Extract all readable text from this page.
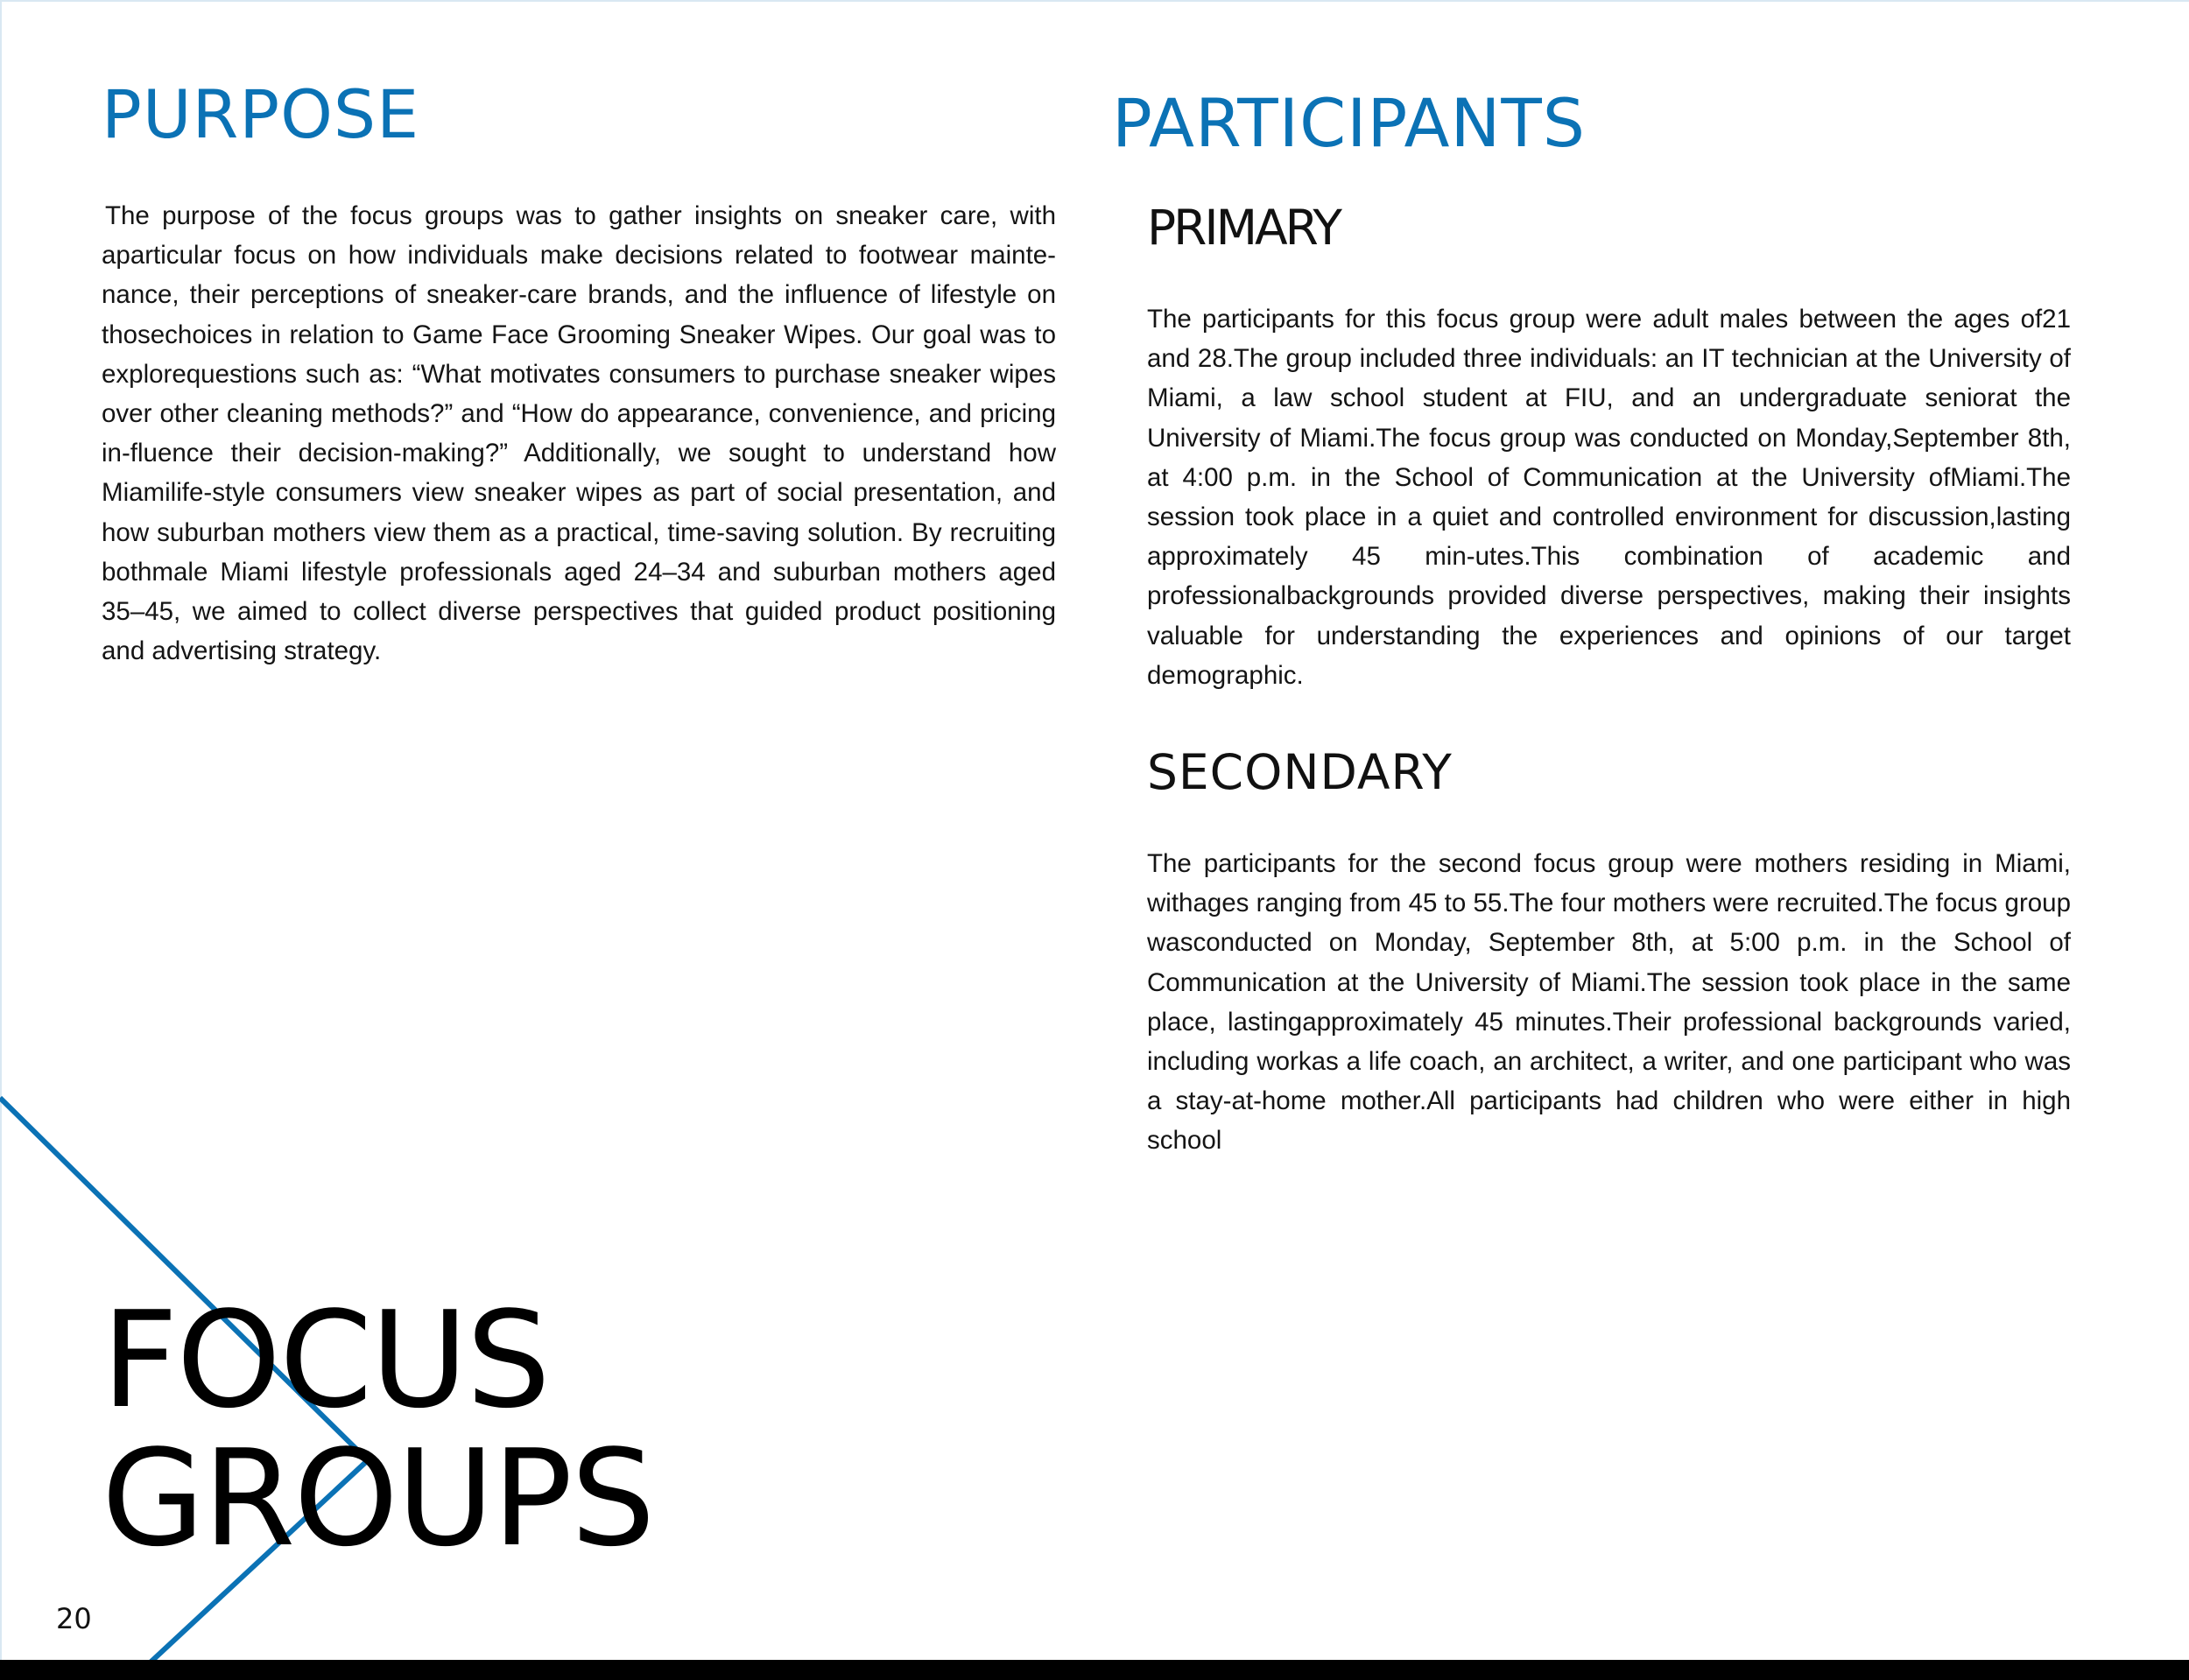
PURPOSE

The purpose of the focus groups was to gather insights on sneaker care, with aparticular focus on how individuals make decisions related to footwear mainte-nance, their perceptions of sneaker-care brands, and the influence of lifestyle on thosechoices in relation to Game Face Grooming Sneaker Wipes. Our goal was to explorequestions such as: “What motivates consumers to purchase sneaker wipes over other cleaning methods?” and “How do appearance, convenience, and pricing in-fluence their decision-making?” Additionally, we sought to understand how Miamilife-style consumers view sneaker wipes as part of social presentation, and how suburban mothers view them as a practical, time-saving solution. By recruiting bothmale Miami lifestyle professionals aged 24–34 and suburban mothers aged 35–45, we aimed to collect diverse perspectives that guided product positioning and advertising strategy.

PARTICIPANTS
PRIMARY

The participants for this focus group were adult males between the ages of21 and 28.The group included three individuals: an IT technician at the University of Miami, a law school student at FIU, and an undergraduate seniorat the University of Miami.The focus group was conducted on Monday,September 8th, at 4:00 p.m. in the School of Communication at the University ofMiami.The session took place in a quiet and controlled environment for discussion,lasting approximately 45 min-utes.This combination of academic and professionalbackgrounds provided diverse perspectives, making their insights valuable for understanding the experiences and opinions of our target demographic.

SECONDARY

The participants for the second focus group were mothers residing in Miami, withages ranging from 45 to 55.The four mothers were recruited.The focus group wasconducted on Monday, September 8th, at 5:00 p.m. in the School of Communication at the University of Miami.The session took place in the same place, lastingapproximately 45 minutes.Their professional backgrounds varied, including workas a life coach, an architect, a writer, and one participant who was a stay-at-home mother.All participants had children who were either in high school

FOCUS
GROUPS
20
